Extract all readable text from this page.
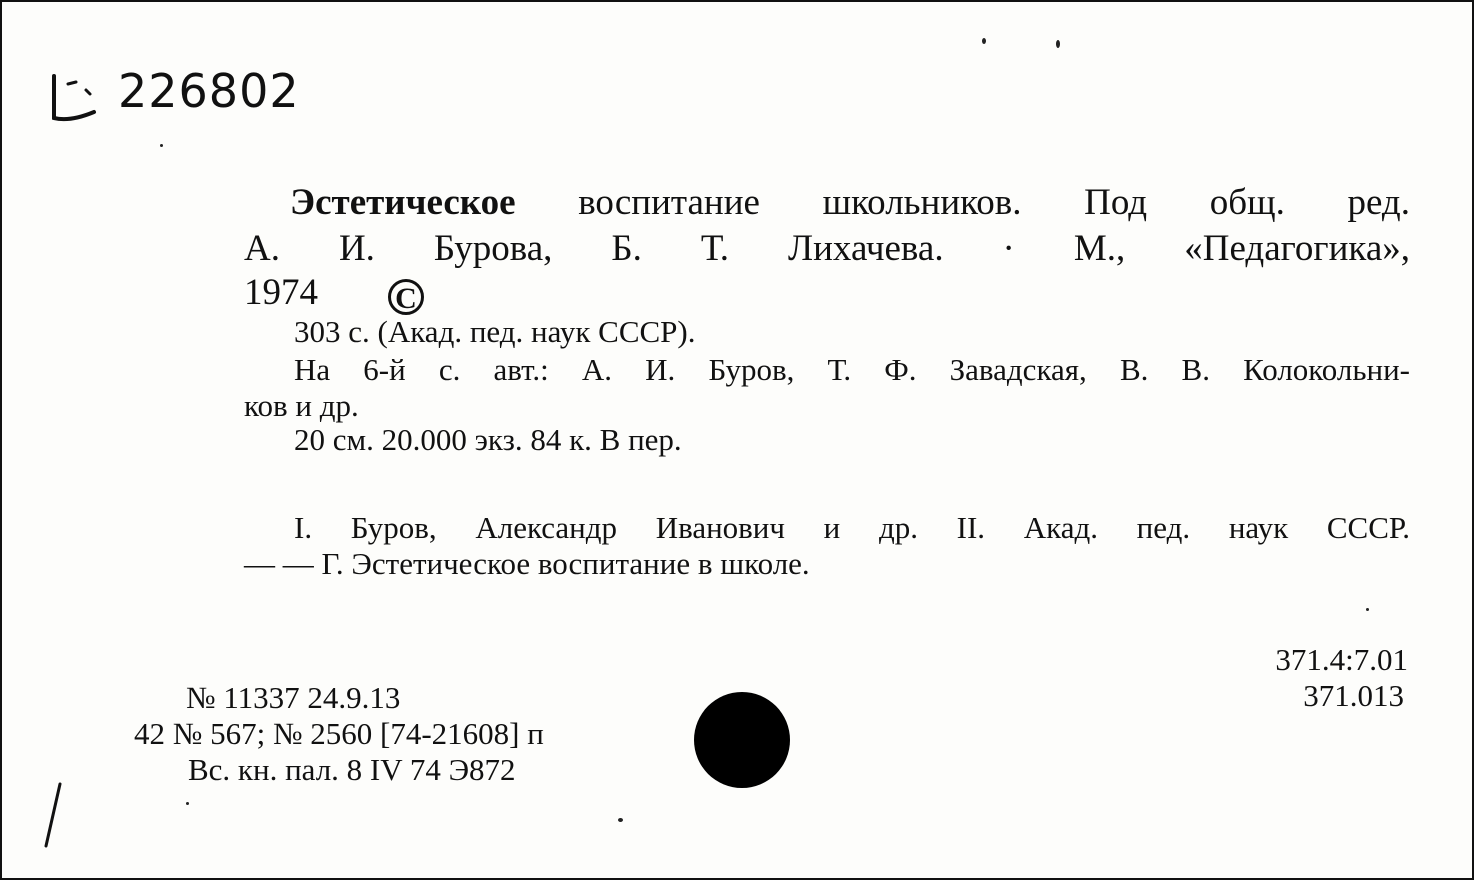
226802
Эстетическое воспитание школьников. Под общ. ред.
А. И. Бурова, Б. Т. Лихачева. · М., «Педагогика»,
1974	C
303 с. (Акад. пед. наук СССР).
На 6-й с. авт.: А. И. Буров, Т. Ф. Завадская, В. В. Колокольни-
ков и др.
20 см. 20.000 экз. 84 к. В пер.
I. Буров, Александр Иванович и др. II. Акад. пед. наук СССР.
— — Г. Эстетическое воспитание в школе.
371.4:7.01
371.013
№ 11337 24.9.13
42 № 567; № 2560 [74-21608] п
Вс. кн. пал. 8 IV 74 Э872
